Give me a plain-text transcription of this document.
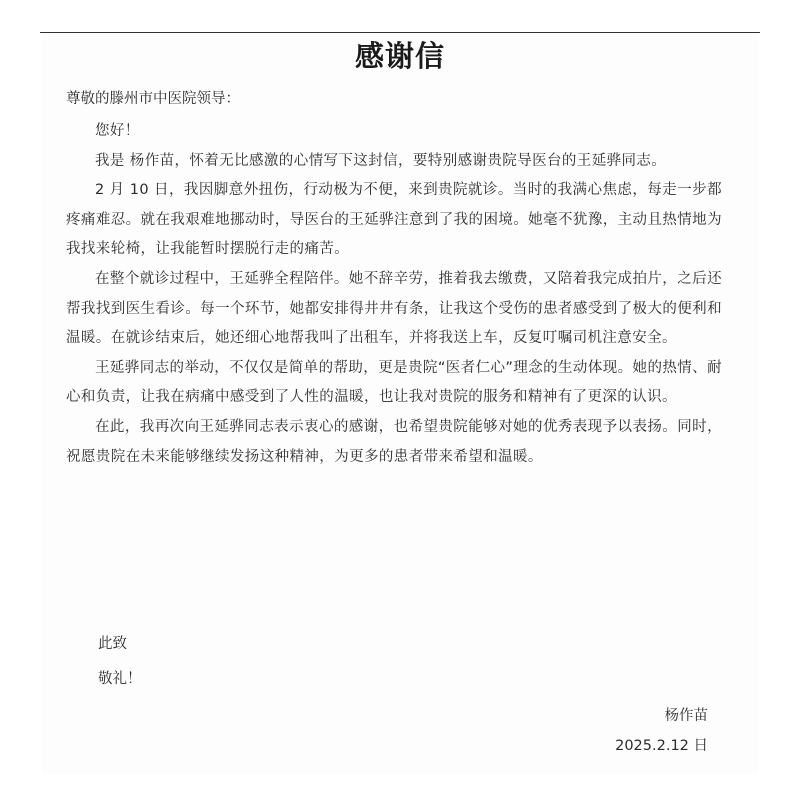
感谢信
尊敬的滕州市中医院领导：

您好！

我是 杨作苗，怀着无比感激的心情写下这封信，要特别感谢贵院导医台的王延骅同志。

2 月 10 日，我因脚意外扭伤，行动极为不便，来到贵院就诊。当时的我满心焦虑，每走一步都疼痛难忍。就在我艰难地挪动时，导医台的王延骅注意到了我的困境。她毫不犹豫，主动且热情地为我找来轮椅，让我能暂时摆脱行走的痛苦。

在整个就诊过程中，王延骅全程陪伴。她不辞辛劳，推着我去缴费，又陪着我完成拍片，之后还帮我找到医生看诊。每一个环节，她都安排得井井有条，让我这个受伤的患者感受到了极大的便利和温暖。在就诊结束后，她还细心地帮我叫了出租车，并将我送上车，反复叮嘱司机注意安全。

王延骅同志的举动，不仅仅是简单的帮助，更是贵院“医者仁心”理念的生动体现。她的热情、耐心和负责，让我在病痛中感受到了人性的温暖，也让我对贵院的服务和精神有了更深的认识。

在此，我再次向王延骅同志表示衷心的感谢，也希望贵院能够对她的优秀表现予以表扬。同时，祝愿贵院在未来能够继续发扬这种精神，为更多的患者带来希望和温暖。

此致
敬礼！
杨作苗
2025.2.12 日
